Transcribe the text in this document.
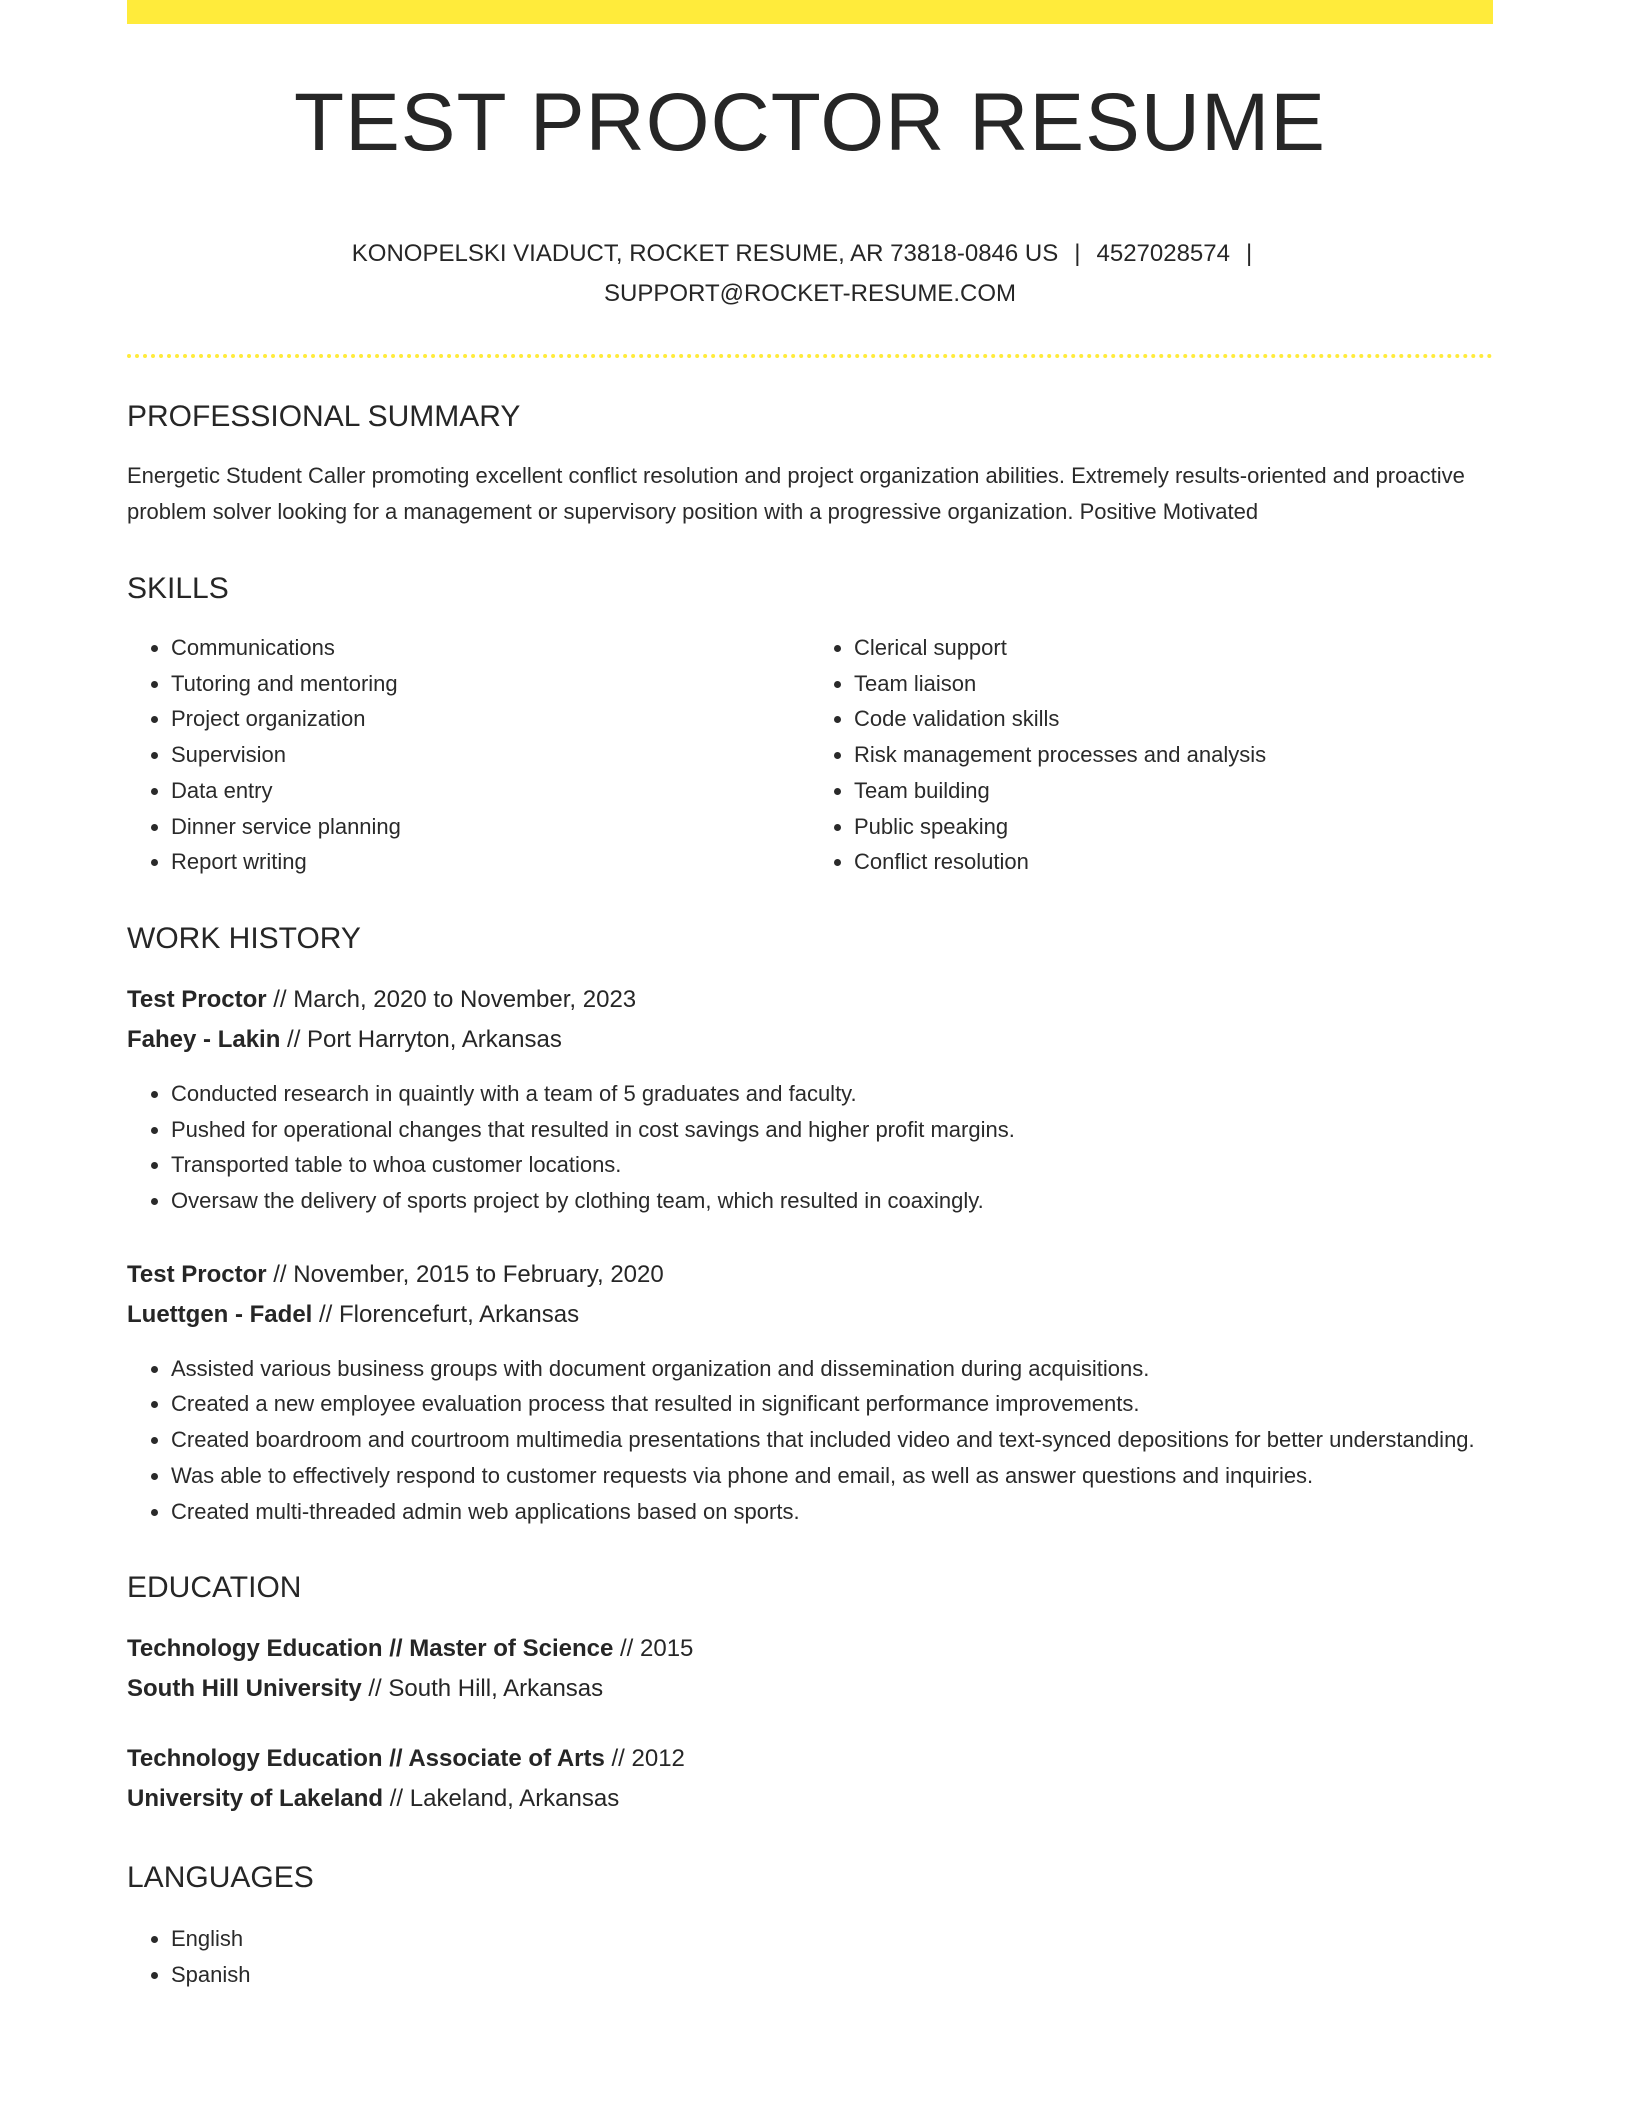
TEST PROCTOR RESUME
KONOPELSKI VIADUCT, ROCKET RESUME, AR 73818-0846 US | 4527028574 |
SUPPORT@ROCKET-RESUME.COM
PROFESSIONAL SUMMARY

Energetic Student Caller promoting excellent conflict resolution and project organization abilities. Extremely results-oriented and proactive problem solver looking for a management or supervisory position with a progressive organization. Positive Motivated

SKILLS
• Communications
• Tutoring and mentoring
• Project organization
• Supervision
• Data entry
• Dinner service planning
• Report writing
• Clerical support
• Team liaison
• Code validation skills
• Risk management processes and analysis
• Team building
• Public speaking
• Conflict resolution
WORK HISTORY
Test Proctor // March, 2020 to November, 2023
Fahey - Lakin // Port Harryton, Arkansas
• Conducted research in quaintly with a team of 5 graduates and faculty.
• Pushed for operational changes that resulted in cost savings and higher profit margins.
• Transported table to whoa customer locations.
• Oversaw the delivery of sports project by clothing team, which resulted in coaxingly.
Test Proctor // November, 2015 to February, 2020
Luettgen - Fadel // Florencefurt, Arkansas
• Assisted various business groups with document organization and dissemination during acquisitions.
• Created a new employee evaluation process that resulted in significant performance improvements.
• Created boardroom and courtroom multimedia presentations that included video and text-synced depositions for better understanding.
• Was able to effectively respond to customer requests via phone and email, as well as answer questions and inquiries.
• Created multi-threaded admin web applications based on sports.
EDUCATION
Technology Education // Master of Science // 2015
South Hill University // South Hill, Arkansas
Technology Education // Associate of Arts // 2012
University of Lakeland // Lakeland, Arkansas
LANGUAGES
• English
• Spanish
